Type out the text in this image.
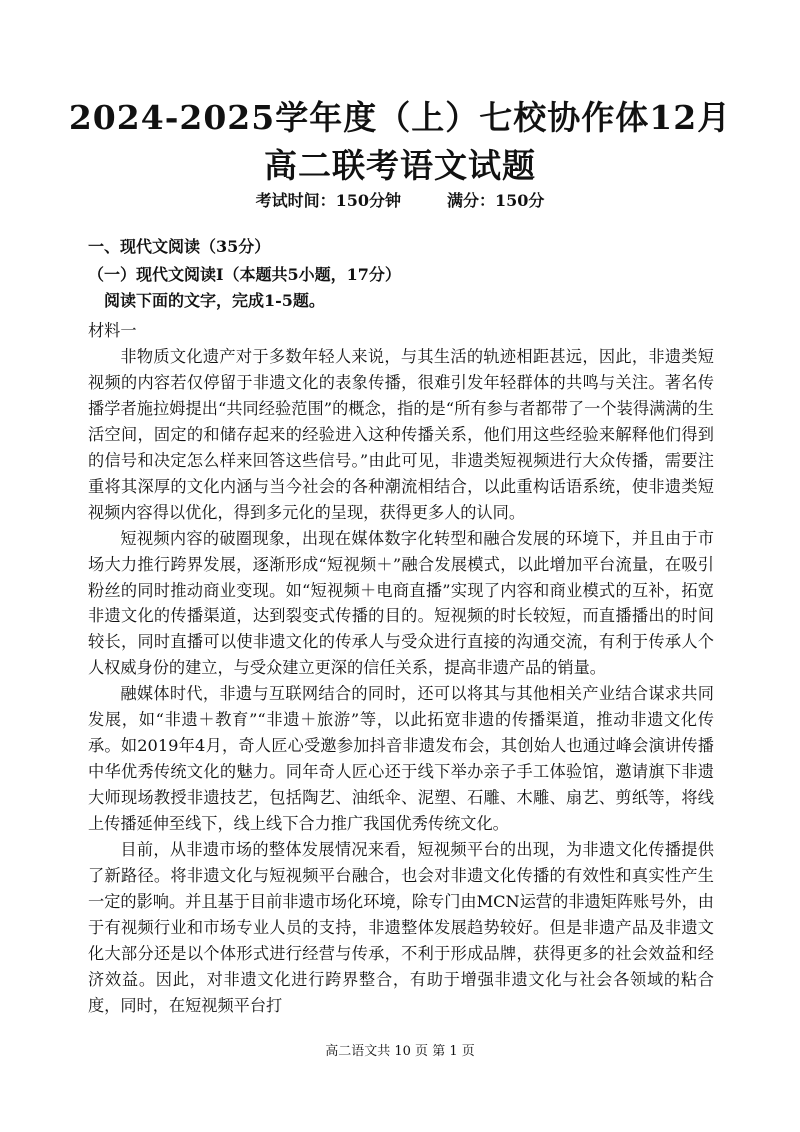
2024-2025学年度（上）七校协作体12月
高二联考语文试题
考试时间：150分钟	满分：150分
一、现代文阅读（35分）
（一）现代文阅读Ⅰ（本题共5小题，17分）
阅读下面的文字，完成1-5题。
材料一

非物质文化遗产对于多数年轻人来说，与其生活的轨迹相距甚远，因此，非遗类短视频的内容若仅停留于非遗文化的表象传播，很难引发年轻群体的共鸣与关注。著名传播学者施拉姆提出“共同经验范围”的概念，指的是“所有参与者都带了一个装得满满的生活空间，固定的和储存起来的经验进入这种传播关系，他们用这些经验来解释他们得到的信号和决定怎么样来回答这些信号。”由此可见，非遗类短视频进行大众传播，需要注重将其深厚的文化内涵与当今社会的各种潮流相结合，以此重构话语系统，使非遗类短视频内容得以优化，得到多元化的呈现，获得更多人的认同。

短视频内容的破圈现象，出现在媒体数字化转型和融合发展的环境下，并且由于市场大力推行跨界发展，逐渐形成“短视频＋”融合发展模式，以此增加平台流量，在吸引粉丝的同时推动商业变现。如“短视频＋电商直播”实现了内容和商业模式的互补，拓宽非遗文化的传播渠道，达到裂变式传播的目的。短视频的时长较短，而直播播出的时间较长，同时直播可以使非遗文化的传承人与受众进行直接的沟通交流，有利于传承人个人权威身份的建立，与受众建立更深的信任关系，提高非遗产品的销量。

融媒体时代，非遗与互联网结合的同时，还可以将其与其他相关产业结合谋求共同发展，如“非遗＋教育”“非遗＋旅游”等，以此拓宽非遗的传播渠道，推动非遗文化传承。如2019年4月，奇人匠心受邀参加抖音非遗发布会，其创始人也通过峰会演讲传播中华优秀传统文化的魅力。同年奇人匠心还于线下举办亲子手工体验馆，邀请旗下非遗大师现场教授非遗技艺，包括陶艺、油纸伞、泥塑、石雕、木雕、扇艺、剪纸等，将线上传播延伸至线下，线上线下合力推广我国优秀传统文化。

目前，从非遗市场的整体发展情况来看，短视频平台的出现，为非遗文化传播提供了新路径。将非遗文化与短视频平台融合，也会对非遗文化传播的有效性和真实性产生一定的影响。并且基于目前非遗市场化环境，除专门由MCN运营的非遗矩阵账号外，由于有视频行业和市场专业人员的支持，非遗整体发展趋势较好。但是非遗产品及非遗文化大部分还是以个体形式进行经营与传承，不利于形成品牌，获得更多的社会效益和经济效益。因此，对非遗文化进行跨界整合，有助于增强非遗文化与社会各领域的粘合度，同时，在短视频平台打

高二语文共 10 页 第 1 页
